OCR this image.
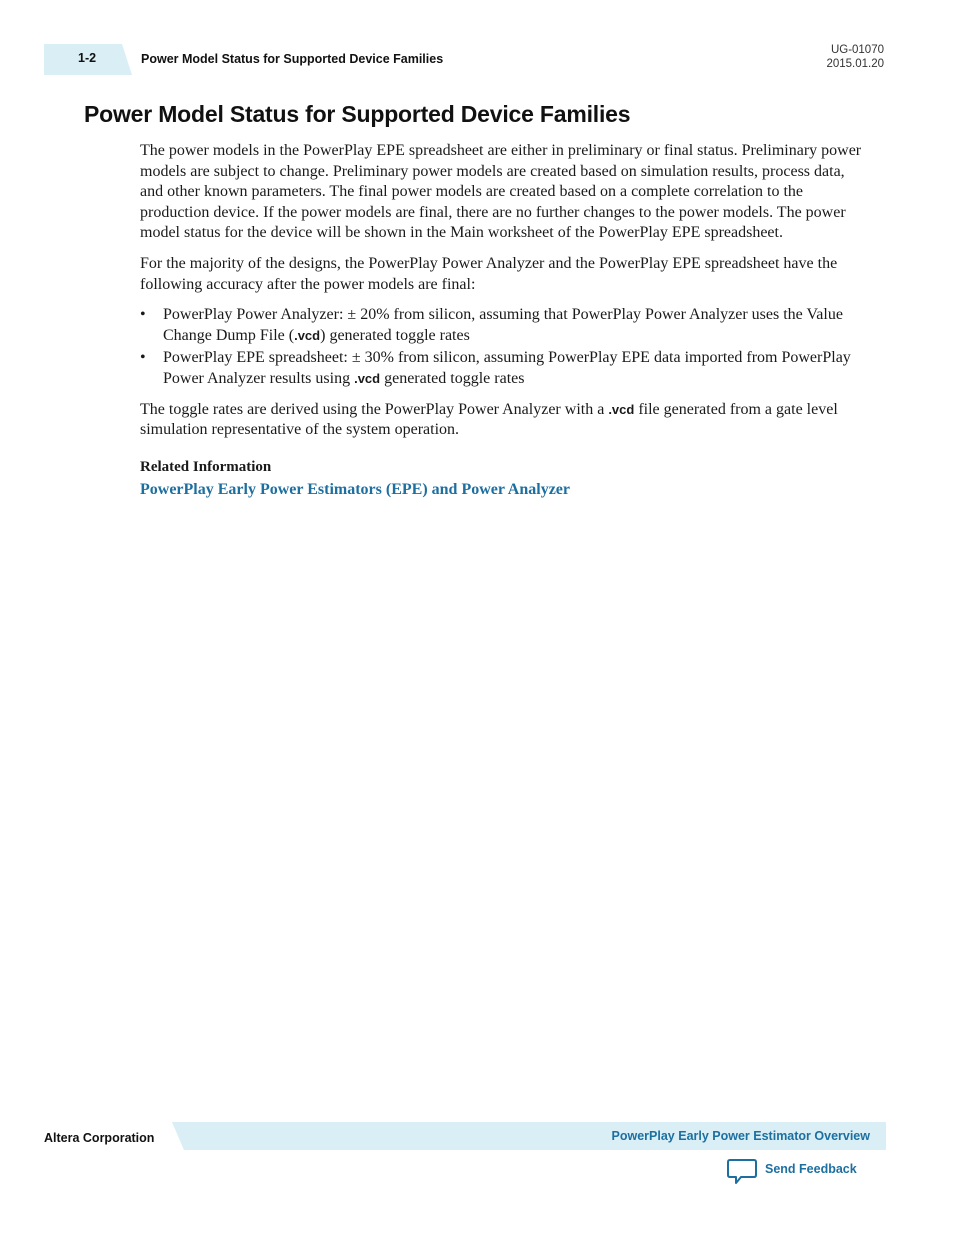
1-2	Power Model Status for Supported Device Families
UG-01070
2015.01.20
Power Model Status for Supported Device Families

The power models in the PowerPlay EPE spreadsheet are either in preliminary or final status. Preliminary power models are subject to change. Preliminary power models are created based on simulation results, process data, and other known parameters. The final power models are created based on a complete correlation to the production device. If the power models are final, there are no further changes to the power models. The power model status for the device will be shown in the Main worksheet of the PowerPlay EPE spreadsheet.

For the majority of the designs, the PowerPlay Power Analyzer and the PowerPlay EPE spreadsheet have the following accuracy after the power models are final:

• PowerPlay Power Analyzer: ± 20% from silicon, assuming that PowerPlay Power Analyzer uses the Value Change Dump File (.vcd) generated toggle rates
• PowerPlay EPE spreadsheet: ± 30% from silicon, assuming PowerPlay EPE data imported from PowerPlay Power Analyzer results using .vcd generated toggle rates

The toggle rates are derived using the PowerPlay Power Analyzer with a .vcd file generated from a gate level simulation representative of the system operation.

Related Information
PowerPlay Early Power Estimators (EPE) and Power Analyzer
Altera Corporation	PowerPlay Early Power Estimator Overview
Send Feedback
